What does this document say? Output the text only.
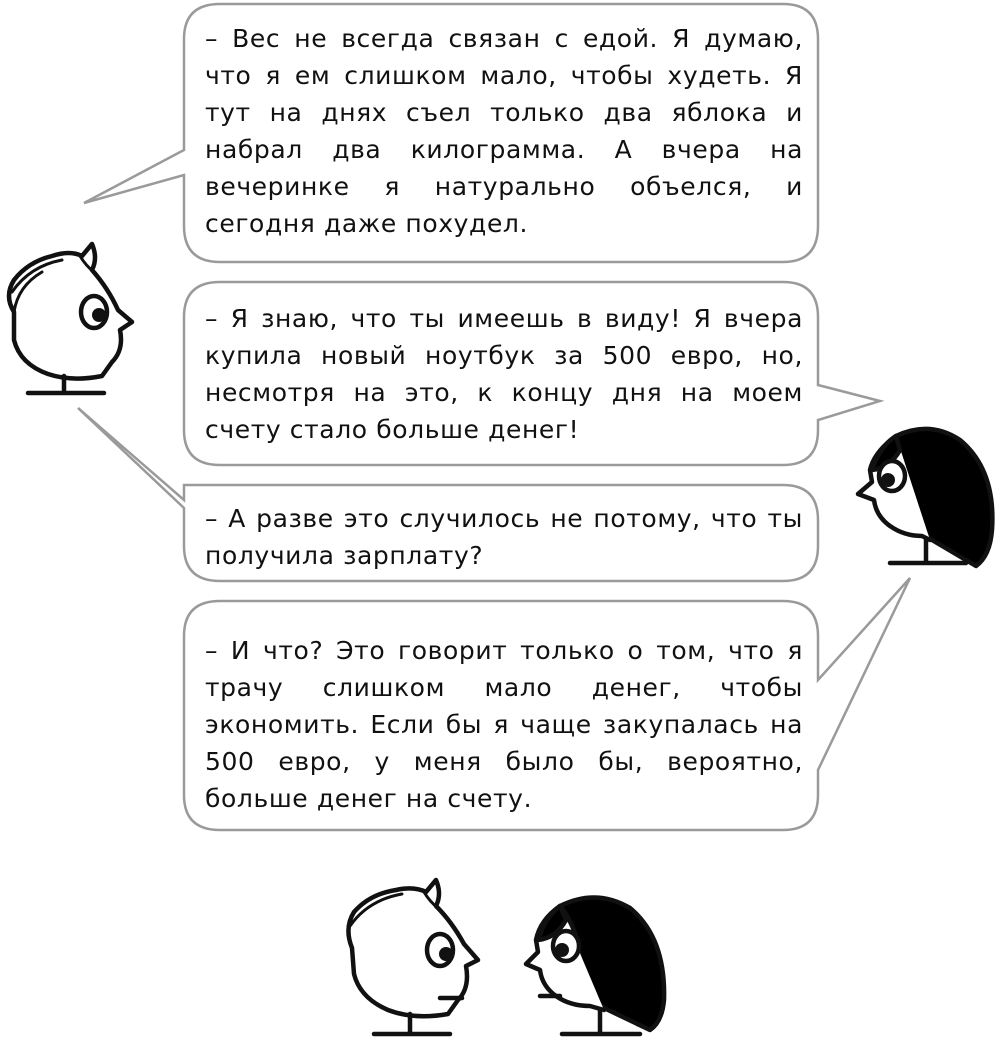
– Вес не всегда связан с едой. Я думаю, что я ем слишком мало, чтобы худеть. Я тут на днях съел только два яблока и набрал два килограмма. А вчера на вечеринке я натурально объелся, и сегодня даже похудел.

– Я знаю, что ты имеешь в виду! Я вчера купила новый ноутбук за 500 евро, но, несмотря на это, к концу дня на моем счету стало больше денег!

– А разве это случилось не потому, что ты получила зарплату?

– И что? Это говорит только о том, что я трачу слишком мало денег, чтобы экономить. Если бы я чаще закупалась на 500 евро, у меня было бы, вероятно, больше денег на счету.
